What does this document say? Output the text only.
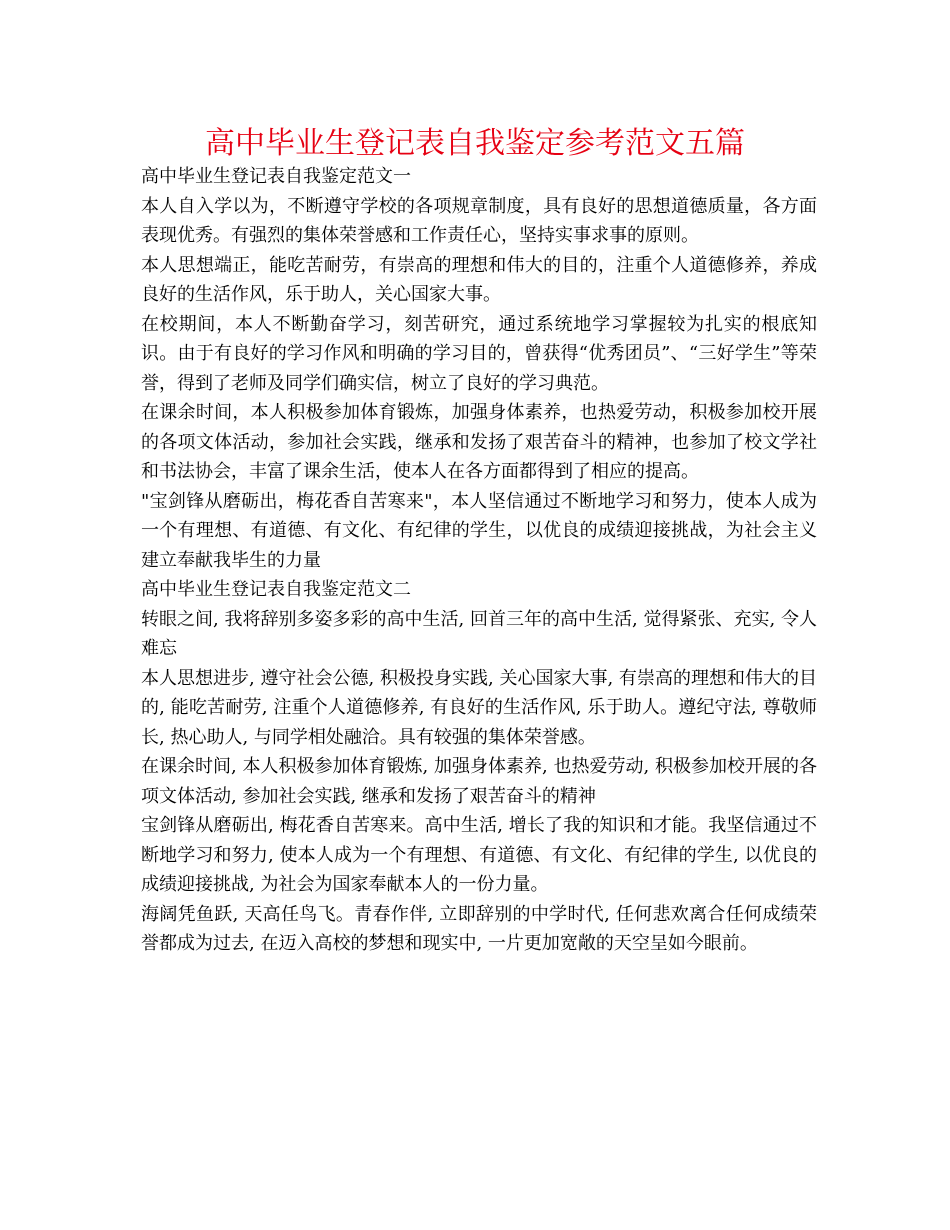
高中毕业生登记表自我鉴定参考范文五篇

高中毕业生登记表自我鉴定范文一

本人自入学以为，不断遵守学校的各项规章制度，具有良好的思想道德质量，各方面表现优秀。有强烈的集体荣誉感和工作责任心，坚持实事求事的原则。

本人思想端正，能吃苦耐劳，有崇高的理想和伟大的目的，注重个人道德修养，养成良好的生活作风，乐于助人，关心国家大事。

在校期间，本人不断勤奋学习，刻苦研究，通过系统地学习掌握较为扎实的根底知识。由于有良好的学习作风和明确的学习目的，曾获得“优秀团员”、“三好学生”等荣誉，得到了老师及同学们确实信，树立了良好的学习典范。

在课余时间，本人积极参加体育锻炼，加强身体素养，也热爱劳动，积极参加校开展的各项文体活动，参加社会实践，继承和发扬了艰苦奋斗的精神，也参加了校文学社和书法协会，丰富了课余生活，使本人在各方面都得到了相应的提高。

"宝剑锋从磨砺出，梅花香自苦寒来"，本人坚信通过不断地学习和努力，使本人成为一个有理想、有道德、有文化、有纪律的学生，以优良的成绩迎接挑战，为社会主义建立奉献我毕生的力量

高中毕业生登记表自我鉴定范文二

转眼之间, 我将辞别多姿多彩的高中生活, 回首三年的高中生活, 觉得紧张、充实, 令人难忘

本人思想进步, 遵守社会公德, 积极投身实践, 关心国家大事, 有崇高的理想和伟大的目的, 能吃苦耐劳, 注重个人道德修养, 有良好的生活作风, 乐于助人。遵纪守法, 尊敬师长, 热心助人, 与同学相处融洽。具有较强的集体荣誉感。

在课余时间, 本人积极参加体育锻炼, 加强身体素养, 也热爱劳动, 积极参加校开展的各项文体活动, 参加社会实践, 继承和发扬了艰苦奋斗的精神

宝剑锋从磨砺出, 梅花香自苦寒来。高中生活, 增长了我的知识和才能。我坚信通过不断地学习和努力, 使本人成为一个有理想、有道德、有文化、有纪律的学生, 以优良的成绩迎接挑战, 为社会为国家奉献本人的一份力量。

海阔凭鱼跃, 天高任鸟飞。青春作伴, 立即辞别的中学时代, 任何悲欢离合任何成绩荣誉都成为过去, 在迈入高校的梦想和现实中, 一片更加宽敞的天空呈如今眼前。
